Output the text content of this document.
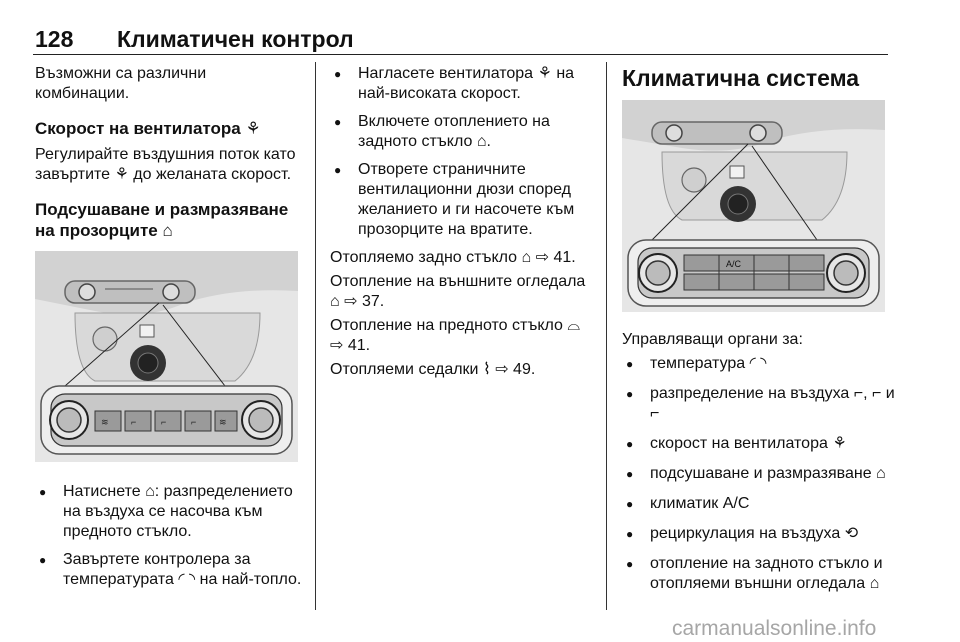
128 Климатичен контрол

Възможни са различни комбинации.

Скорост на вентилатора ⚘

Регулирайте въздушния поток като завъртите ⚘ до желаната скорост.

Подсушаване и размразяване на прозорците ⌂
≋ ⌐	⌐	⌐	≋
● Натиснете ⌂: разпределението на въздуха се насочва към предното стъкло.
● Завъртете контролера за температурата ◜ ◝ на най-топло.
● Нагласете вентилатора ⚘ на най-високата скорост.
● Включете отоплението на задното стъкло ⌂.
● Отворете страничните вентилационни дюзи според желанието и ги насочете към прозорците на вратите.

Отопляемо задно стъкло ⌂ ⇨ 41.

Отопление на външните огледала ⌂ ⇨ 37.

Отопление на предното стъкло ⌓ ⇨ 41.

Отопляеми седалки ⌇ ⇨ 49.

Климатична система
A/C

Управляващи органи за:

● температура ◜ ◝
● разпределение на въздуха ⌐, ⌐ и ⌐
● скорост на вентилатора ⚘
● подсушаване и размразяване ⌂
● климатик A/C
● рециркулация на въздуха ⟲
● отопление на задното стъкло и отопляеми външни огледала ⌂
carmanualsonline.info
